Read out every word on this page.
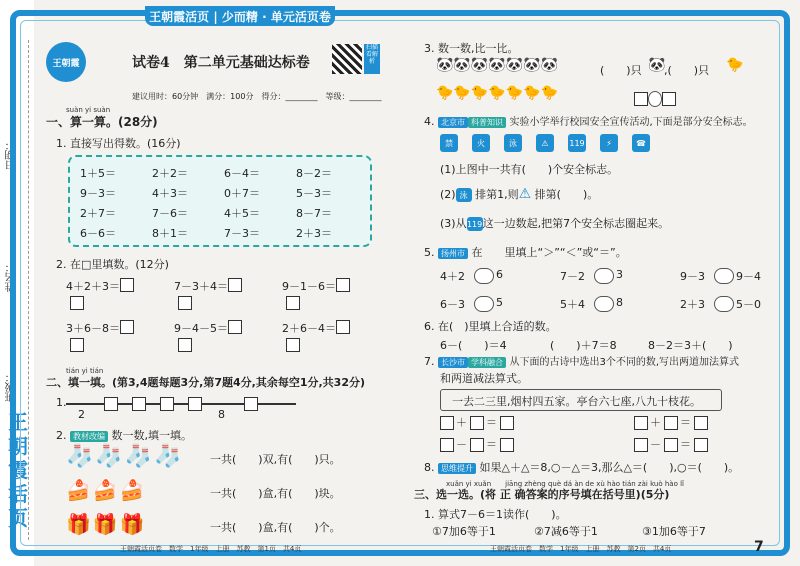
日期：
姓名：
班级：
王朝霞活页
王朝霞活页 | 少而精 · 单元活页卷
王朝霞	试卷4　第二单元基础达标卷
扫描看解析
建议用时：60分钟　满分：100分　得分：________　等级：________
suàn yi suàn
一、算一算。(28分)
1. 直接写出得数。(16分)
2. 在□里填数。(12分)
tián yi tián
二、填一填。(第3,4题每题3分,第7题4分,其余每空1分,共32分)
1.
2. 教材改编 数一数,填一填。
🧦🧦🧦🧦 一共(　　)双,有(　　)只。
🍰🍰🍰	一共(　　)盒,有(　　)块。
🎁🎁🎁	一共(　　)盒,有(　　)个。
王朝霞活页卷　数学　1年级　上册　苏教　第1页　共4页
3. 数一数,比一比。
🐼🐼🐼🐼🐼🐼🐼	(　　)只 🐼
,(　　)只 🐤
🐤🐤🐤🐤🐤🐤🐤
4. 北京市 科普知识 实验小学举行校园安全宣传活动,下面是部分安全标志。
(1)上图中一共有(　　)个安全标志。
(2) 泳 排第1,则⚠ 排第(　　)。
(3)从119这一边数起,把第7个安全标志圈起来。
5. 扬州市 在　　里填上“＞”“＜”或“＝”。
6. 在(　)里填上合适的数。
6－(　　)＝4	(　　)＋7＝8	8－2＝3＋(　　)
7. 长沙市 学科融合 从下面的古诗中选出3个不同的数,写出两道加法算式
和两道减法算式。
一去二三里,烟村四五家。亭台六七座,八九十枝花。
8. 思维提升 如果△＋△＝8,○－△＝3,那么△＝(　　),○＝(　　)。
xuǎn yi xuǎn　　jiāng zhèng què dá àn de xù hào tián zài kuò hào lǐ
三、选一选。(将 正 确答案的序号填在括号里)(5分)
1. 算式7－6＝1读作(　　)。
①7加6等于1	②7减6等于1	③1加6等于7
王朝霞活页卷　数学　1年级　上册　苏教　第2页　共4页	7
1＋5＝	2＋2＝	6－4＝	8－2＝
9－3＝	4＋3＝	0＋7＝	5－3＝
2＋7＝	7－6＝	4＋5＝	8－7＝
6－6＝	8＋1＝	7－3＝	2＋3＝
4＋2＋3＝	7－3＋4＝	9－1－6＝
3＋6－8＝	9－4－5＝	2＋6－4＝
2	8
禁	火	泳	⚠	119	⚡	☎
4＋2	6	7－2	3	9－3	9－4
6－3	5	5＋4	8	2＋3	5－0
＋ ＝
－ ＝
＋ ＝
－ ＝
